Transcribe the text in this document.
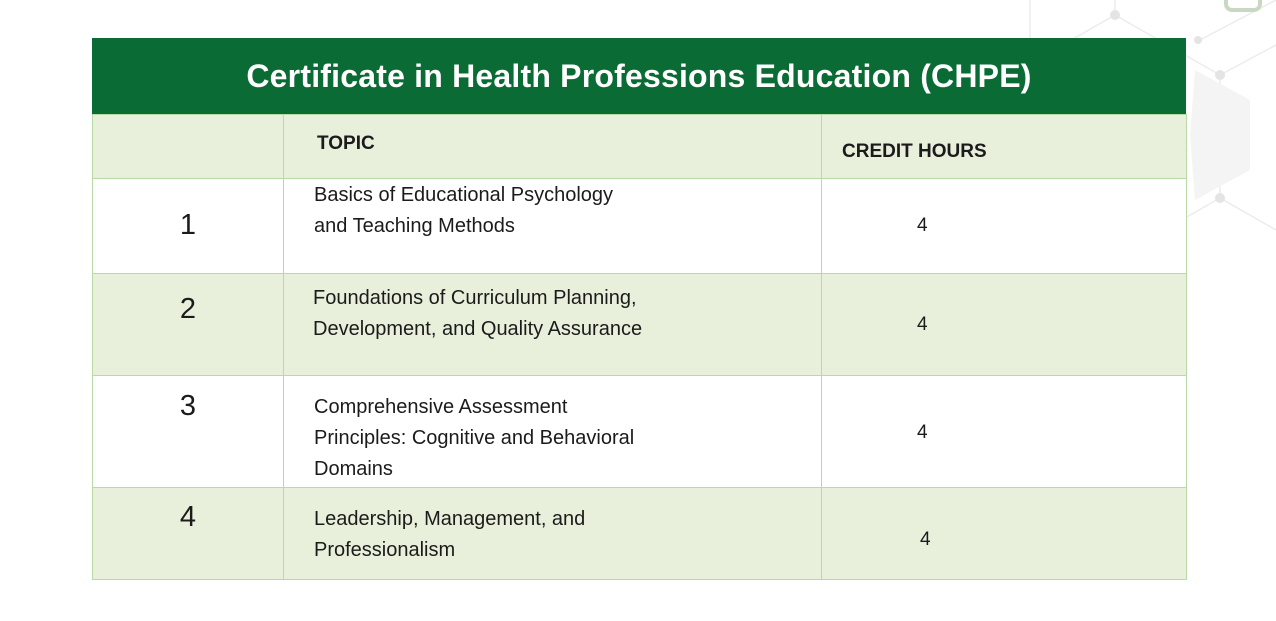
Certificate in Health Professions Education (CHPE)

	TOPIC	CREDIT HOURS

1	Basics of Educational Psychology and Teaching Methods	4

2	Foundations of Curriculum Planning, Development, and Quality Assurance	4

3	Comprehensive Assessment Principles: Cognitive and Behavioral Domains	4

4	Leadership, Management, and Professionalism	4
